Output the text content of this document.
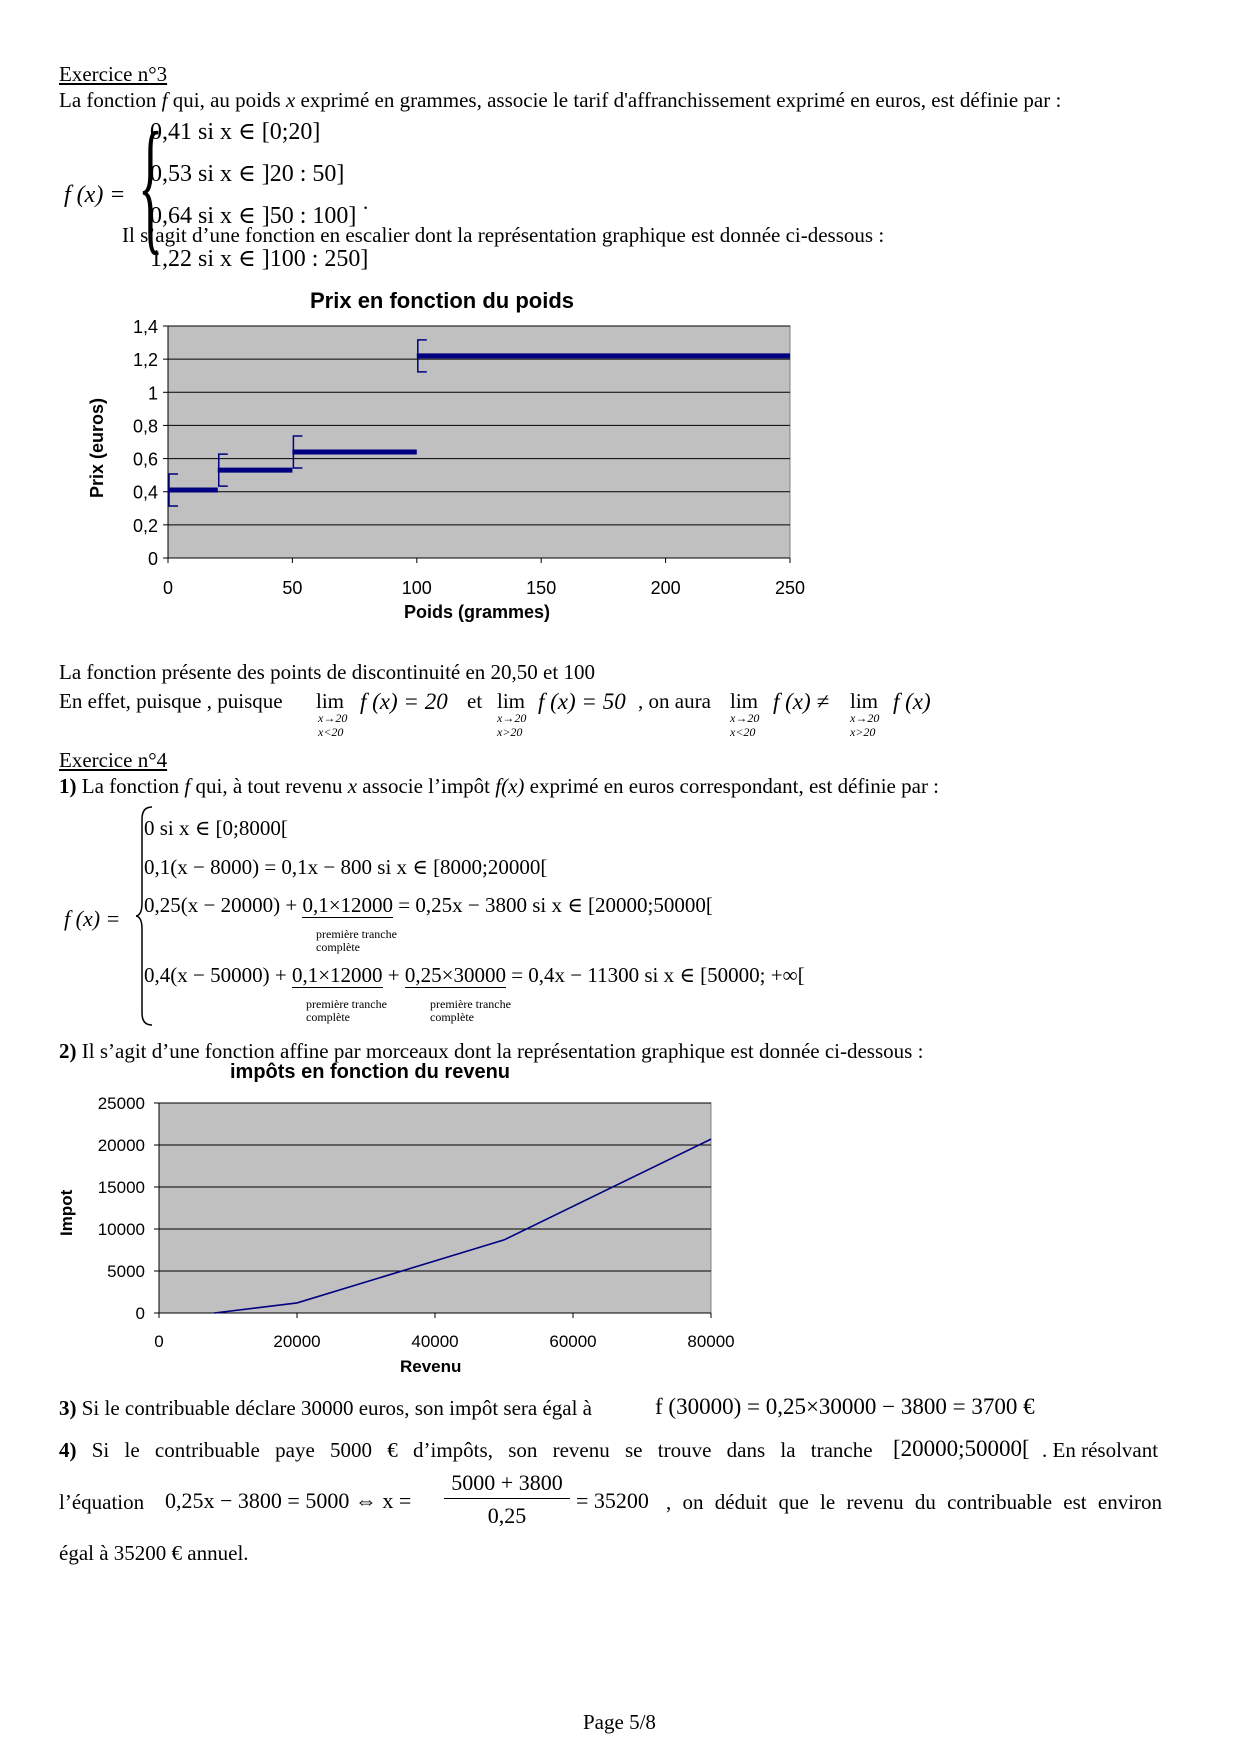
Exercice n°3
La fonction f qui, au poids x exprimé en grammes, associe le tarif d'affranchissement exprimé en euros, est définie par :
f (x) = {
0,41 si x ∈ [0;20]
0,53 si x ∈ ]20 : 50]
0,64 si x ∈ ]50 : 100]
1,22 si x ∈ ]100 : 250]
.
Il s’agit d’une fonction en escalier dont la représentation graphique est donnée ci-dessous :
Prix en fonction du poids
Poids (grammes)
Prix (euros)
0
0,2
0,4
0,6
0,8
1
1,2
1,4
0	50	100	150	200	250
La fonction présente des points de discontinuité en 20,50 et 100
En effet, puisque , puisque lim
x→20
x<20
f (x) = 20 et lim
x→20
x>20
f (x) = 50 , on aura lim
x→20
x<20
f (x) ≠ lim
x→20
x>20
f (x)
Exercice n°4
1) La fonction f qui, à tout revenu x associe l’impôt f(x) exprimé en euros correspondant, est définie par :
f (x) =
0 si x ∈ [0;8000[
0,1(x − 8000) = 0,1x − 800 si x ∈ [8000;20000[
0,25(x − 20000) + 0,1×12000 = 0,25x − 3800 si x ∈ [20000;50000[
première tranche
complète
0,4(x − 50000) + 0,1×12000 + 0,25×30000 = 0,4x − 11300 si x ∈ [50000; +∞[
première tranche
complète
première tranche
complète
2) Il s’agit d’une fonction affine par morceaux dont la représentation graphique est donnée ci-dessous :
impôts en fonction du revenu
Revenu
Impot
0
5000
10000
15000
20000
25000
0	20000	40000	60000	80000
3) Si le contribuable déclare 30000 euros, son impôt sera égal à	f (30000) = 0,25×30000 − 3800 = 3700 €
4) Si le contribuable paye 5000 € d’impôts, son revenu se trouve dans la tranche [20000;50000[ . En résolvant
l’équation 0,25x − 3800 = 5000 ⇔ $x = \frac{5000 + 3800}{0,25} = 35200$ , on déduit que le revenu du contribuable est environ
égal à 35200 € annuel.
Page 5/8
